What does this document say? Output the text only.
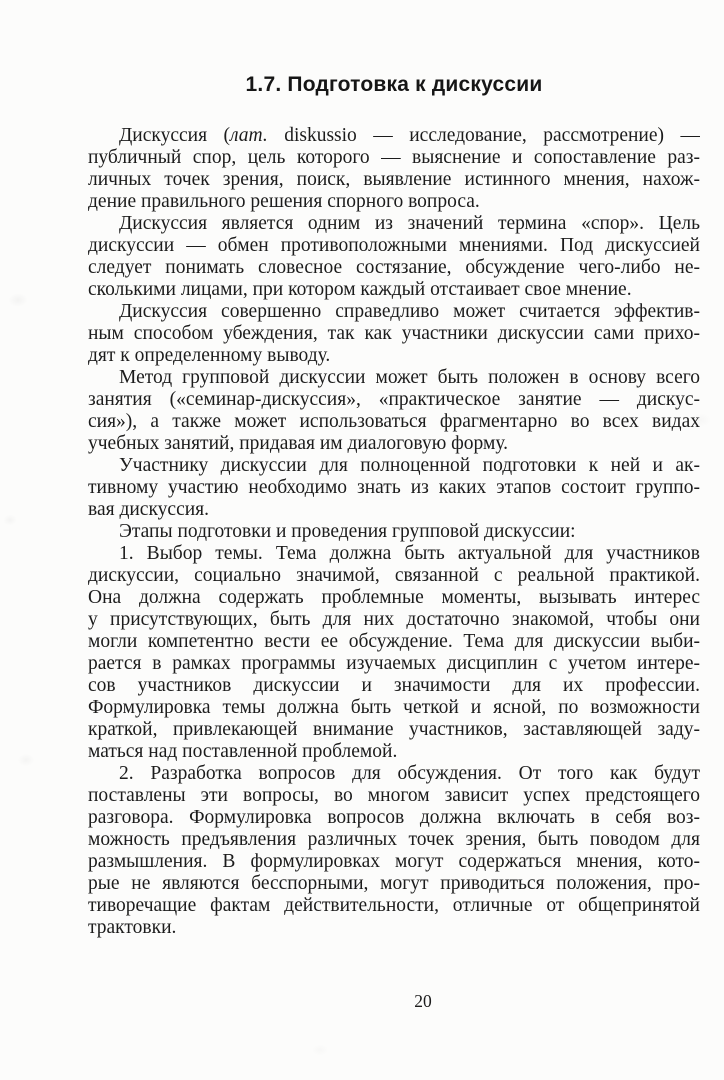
1.7. Подготовка к дискуссии
Дискуссия (лат. diskussio — исследование, рассмотрение) —
публичный спор, цель которого — выяснение и сопоставление раз-
личных точек зрения, поиск, выявление истинного мнения, нахож-
дение правильного решения спорного вопроса.
Дискуссия является одним из значений термина «спор». Цель
дискуссии — обмен противоположными мнениями. Под дискуссией
следует понимать словесное состязание, обсуждение чего-либо не-
сколькими лицами, при котором каждый отстаивает свое мнение.
Дискуссия совершенно справедливо может считается эффектив-
ным способом убеждения, так как участники дискуссии сами прихо-
дят к определенному выводу.
Метод групповой дискуссии может быть положен в основу всего
занятия («семинар-дискуссия», «практическое занятие — дискус-
сия»), а также может использоваться фрагментарно во всех видах
учебных занятий, придавая им диалоговую форму.
Участнику дискуссии для полноценной подготовки к ней и ак-
тивному участию необходимо знать из каких этапов состоит группо-
вая дискуссия.
Этапы подготовки и проведения групповой дискуссии:
1. Выбор темы. Тема должна быть актуальной для участников
дискуссии, социально значимой, связанной с реальной практикой.
Она должна содержать проблемные моменты, вызывать интерес
у присутствующих, быть для них достаточно знакомой, чтобы они
могли компетентно вести ее обсуждение. Тема для дискуссии выби-
рается в рамках программы изучаемых дисциплин с учетом интере-
сов участников дискуссии и значимости для их профессии.
Формулировка темы должна быть четкой и ясной, по возможности
краткой, привлекающей внимание участников, заставляющей заду-
маться над поставленной проблемой.
2. Разработка вопросов для обсуждения. От того как будут
поставлены эти вопросы, во многом зависит успех предстоящего
разговора. Формулировка вопросов должна включать в себя воз-
можность предъявления различных точек зрения, быть поводом для
размышления. В формулировках могут содержаться мнения, кото-
рые не являются бесспорными, могут приводиться положения, про-
тиворечащие фактам действительности, отличные от общепринятой
трактовки.
20
